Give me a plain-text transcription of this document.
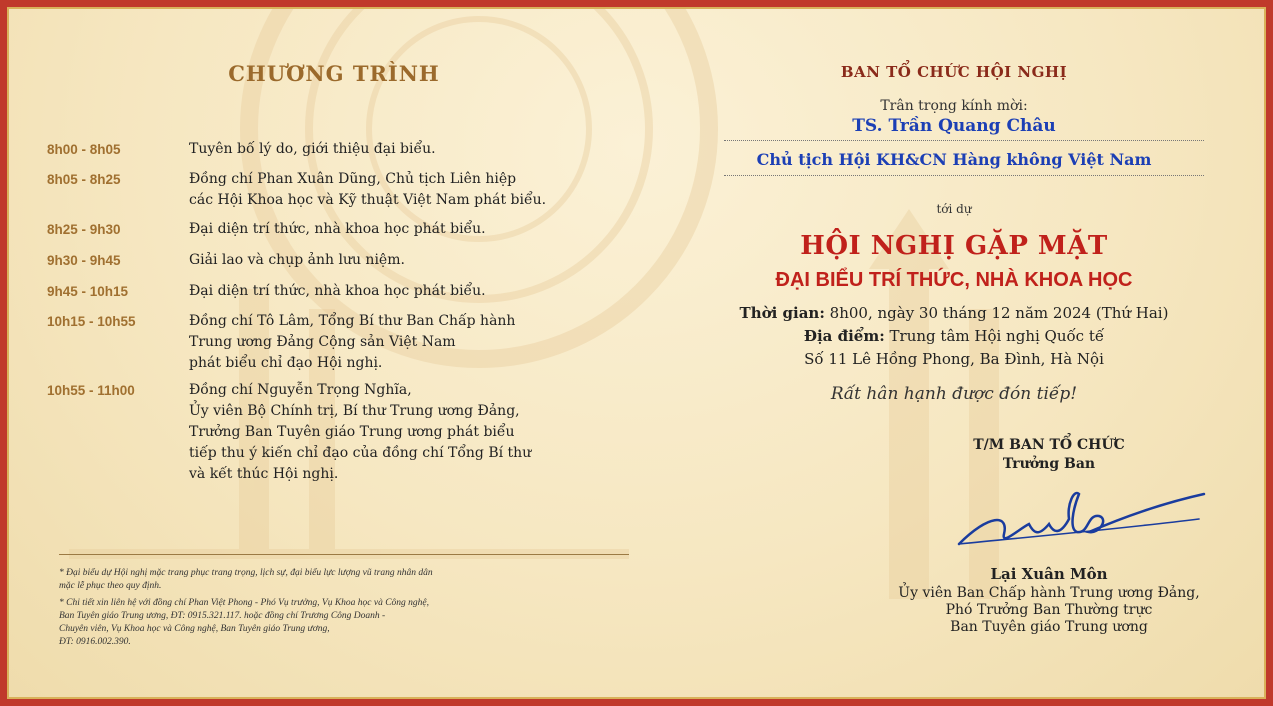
CHƯƠNG TRÌNH
8h00 - 8h05	Tuyên bố lý do, giới thiệu đại biểu.
8h05 - 8h25	Đồng chí Phan Xuân Dũng, Chủ tịch Liên hiệp
các Hội Khoa học và Kỹ thuật Việt Nam phát biểu.
8h25 - 9h30	Đại diện trí thức, nhà khoa học phát biểu.
9h30 - 9h45	Giải lao và chụp ảnh lưu niệm.
9h45 - 10h15	Đại diện trí thức, nhà khoa học phát biểu.
10h15 - 10h55	Đồng chí Tô Lâm, Tổng Bí thư Ban Chấp hành
Trung ương Đảng Cộng sản Việt Nam
phát biểu chỉ đạo Hội nghị.
10h55 - 11h00	Đồng chí Nguyễn Trọng Nghĩa,
Ủy viên Bộ Chính trị, Bí thư Trung ương Đảng,
Trưởng Ban Tuyên giáo Trung ương phát biểu
tiếp thu ý kiến chỉ đạo của đồng chí Tổng Bí thư
và kết thúc Hội nghị.

* Đại biểu dự Hội nghị mặc trang phục trang trọng, lịch sự, đại biểu lực lượng vũ trang nhân dân
mặc lễ phục theo quy định.

* Chi tiết xin liên hệ với đồng chí Phan Việt Phong - Phó Vụ trưởng, Vụ Khoa học và Công nghệ,
Ban Tuyên giáo Trung ương, ĐT: 0915.321.117. hoặc đồng chí Trương Công Doanh -
Chuyên viên, Vụ Khoa học và Công nghệ, Ban Tuyên giáo Trung ương,
ĐT: 0916.002.390.

BAN TỔ CHỨC HỘI NGHỊ
Trân trọng kính mời:
TS. Trần Quang Châu
Chủ tịch Hội KH&CN Hàng không Việt Nam
tới dự
HỘI NGHỊ GẶP MẶT
ĐẠI BIỂU TRÍ THỨC, NHÀ KHOA HỌC
Thời gian: 8h00, ngày 30 tháng 12 năm 2024 (Thứ Hai)
Địa điểm: Trung tâm Hội nghị Quốc tế
Số 11 Lê Hồng Phong, Ba Đình, Hà Nội
Rất hân hạnh được đón tiếp!
T/M BAN TỔ CHỨC
Trưởng Ban
Lại Xuân Môn
Ủy viên Ban Chấp hành Trung ương Đảng,
Phó Trưởng Ban Thường trực
Ban Tuyên giáo Trung ương
